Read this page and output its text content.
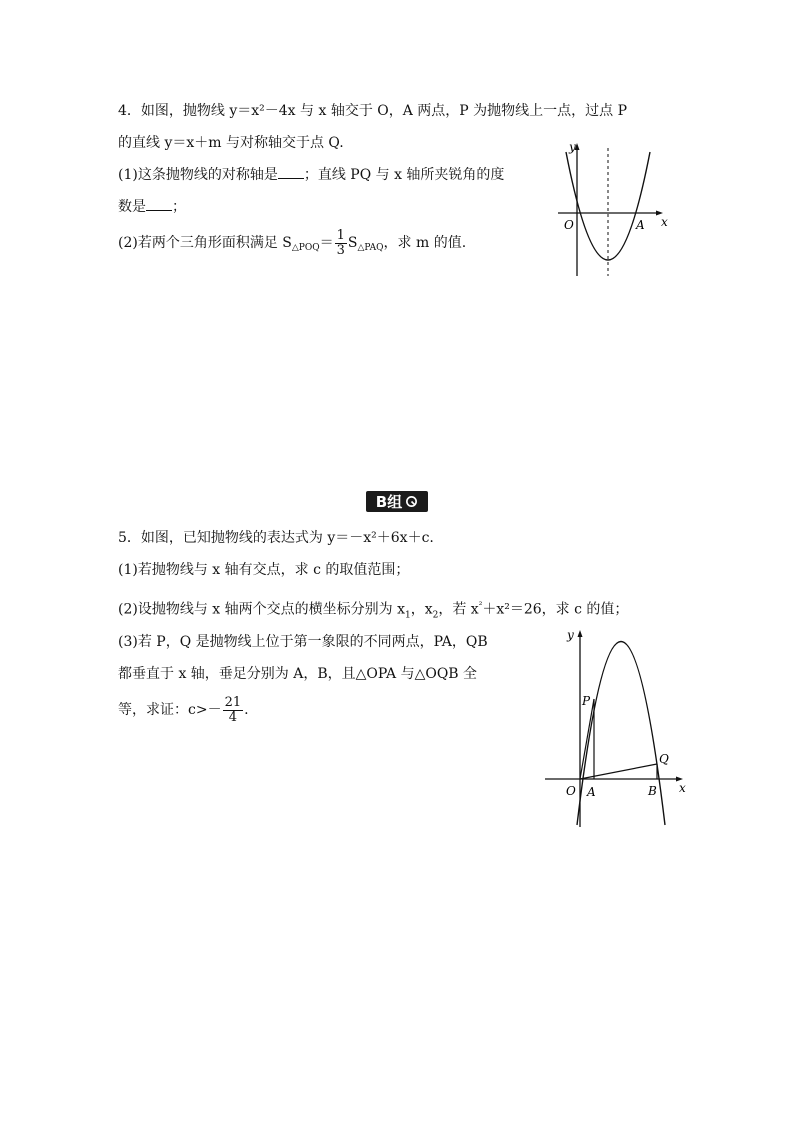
4．如图，抛物线 y＝x²－4x 与 x 轴交于 O，A 两点，P 为抛物线上一点，过点 P
的直线 y＝x＋m 与对称轴交于点 Q.
(1)这条抛物线的对称轴是 ；直线 PQ 与 x 轴所夹锐角的度
数是 ；
(2)若两个三角形面积满足 $S_{\triangle POQ}= \frac{1}{3} S_{\triangle PAQ}$，求 m 的值.
y
x
O	A
B组
5．如图，已知抛物线的表达式为 y＝－x²＋6x＋c.
(1)若抛物线与 x 轴有交点，求 c 的取值范围；
(2)设抛物线与 x 轴两个交点的横坐标分别为 $x_1$，$x_2$，若 $x^{^2}+x^2=26$，求 c 的值；
(3)若 P，Q 是抛物线上位于第一象限的不同两点，PA，QB
都垂直于 x 轴，垂足分别为 A，B，且△OPA 与△OQB 全
等，求证：$c>- \frac{21}{4}$ .
y
x
O A	B
P
Q
